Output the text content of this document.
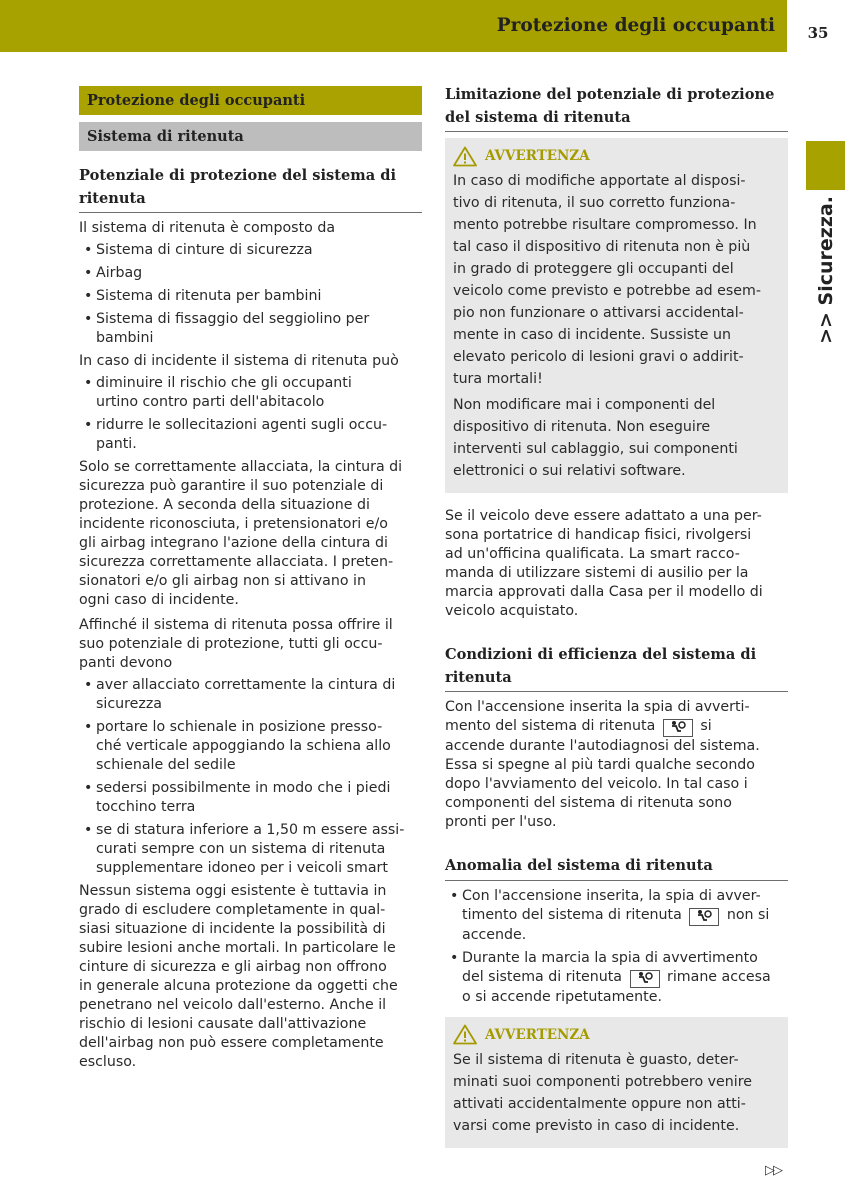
Protezione degli occupanti	35
>> Sicurezza.
Protezione degli occupanti
Sistema di ritenuta
Potenziale di protezione del sistema di
ritenuta

Il sistema di ritenuta è composto da

• Sistema di cinture di sicurezza
• Airbag
• Sistema di ritenuta per bambini
• Sistema di fissaggio del seggiolino per
bambini

In caso di incidente il sistema di ritenuta può

• diminuire il rischio che gli occupanti
urtino contro parti dell'abitacolo
• ridurre le sollecitazioni agenti sugli occu-
panti.

Solo se correttamente allacciata, la cintura di
sicurezza può garantire il suo potenziale di
protezione. A seconda della situazione di
incidente riconosciuta, i pretensionatori e/o
gli airbag integrano l'azione della cintura di
sicurezza correttamente allacciata. I preten-
sionatori e/o gli airbag non si attivano in
ogni caso di incidente.

Affinché il sistema di ritenuta possa offrire il
suo potenziale di protezione, tutti gli occu-
panti devono

• aver allacciato correttamente la cintura di
sicurezza
• portare lo schienale in posizione presso-
ché verticale appoggiando la schiena allo
schienale del sedile
• sedersi possibilmente in modo che i piedi
tocchino terra
• se di statura inferiore a 1,50 m essere assi-
curati sempre con un sistema di ritenuta
supplementare idoneo per i veicoli smart

Nessun sistema oggi esistente è tuttavia in
grado di escludere completamente in qual-
siasi situazione di incidente la possibilità di
subire lesioni anche mortali. In particolare le
cinture di sicurezza e gli airbag non offrono
in generale alcuna protezione da oggetti che
penetrano nel veicolo dall'esterno. Anche il
rischio di lesioni causate dall'attivazione
dell'airbag non può essere completamente
escluso.

Limitazione del potenziale di protezione
del sistema di ritenuta
AVVERTENZA

In caso di modifiche apportate al disposi-
tivo di ritenuta, il suo corretto funziona-
mento potrebbe risultare compromesso. In
tal caso il dispositivo di ritenuta non è più
in grado di proteggere gli occupanti del
veicolo come previsto e potrebbe ad esem-
pio non funzionare o attivarsi accidental-
mente in caso di incidente. Sussiste un
elevato pericolo di lesioni gravi o addirit-
tura mortali!

Non modificare mai i componenti del
dispositivo di ritenuta. Non eseguire
interventi sul cablaggio, sui componenti
elettronici o sui relativi software.

Se il veicolo deve essere adattato a una per-
sona portatrice di handicap fisici, rivolgersi
ad un'officina qualificata. La smart racco-
manda di utilizzare sistemi di ausilio per la
marcia approvati dalla Casa per il modello di
veicolo acquistato.

Condizioni di efficienza del sistema di
ritenuta

Con l'accensione inserita la spia di avverti-
mento del sistema di ritenuta	si
accende durante l'autodiagnosi del sistema.
Essa si spegne al più tardi qualche secondo
dopo l'avviamento del veicolo. In tal caso i
componenti del sistema di ritenuta sono
pronti per l'uso.

Anomalia del sistema di ritenuta
• Con l'accensione inserita, la spia di avver-
timento del sistema di ritenuta	non si
accende.
• Durante la marcia la spia di avvertimento
del sistema di ritenuta	rimane accesa
o si accende ripetutamente.
AVVERTENZA

Se il sistema di ritenuta è guasto, deter-
minati suoi componenti potrebbero venire
attivati accidentalmente oppure non atti-
varsi come previsto in caso di incidente.

▷▷
